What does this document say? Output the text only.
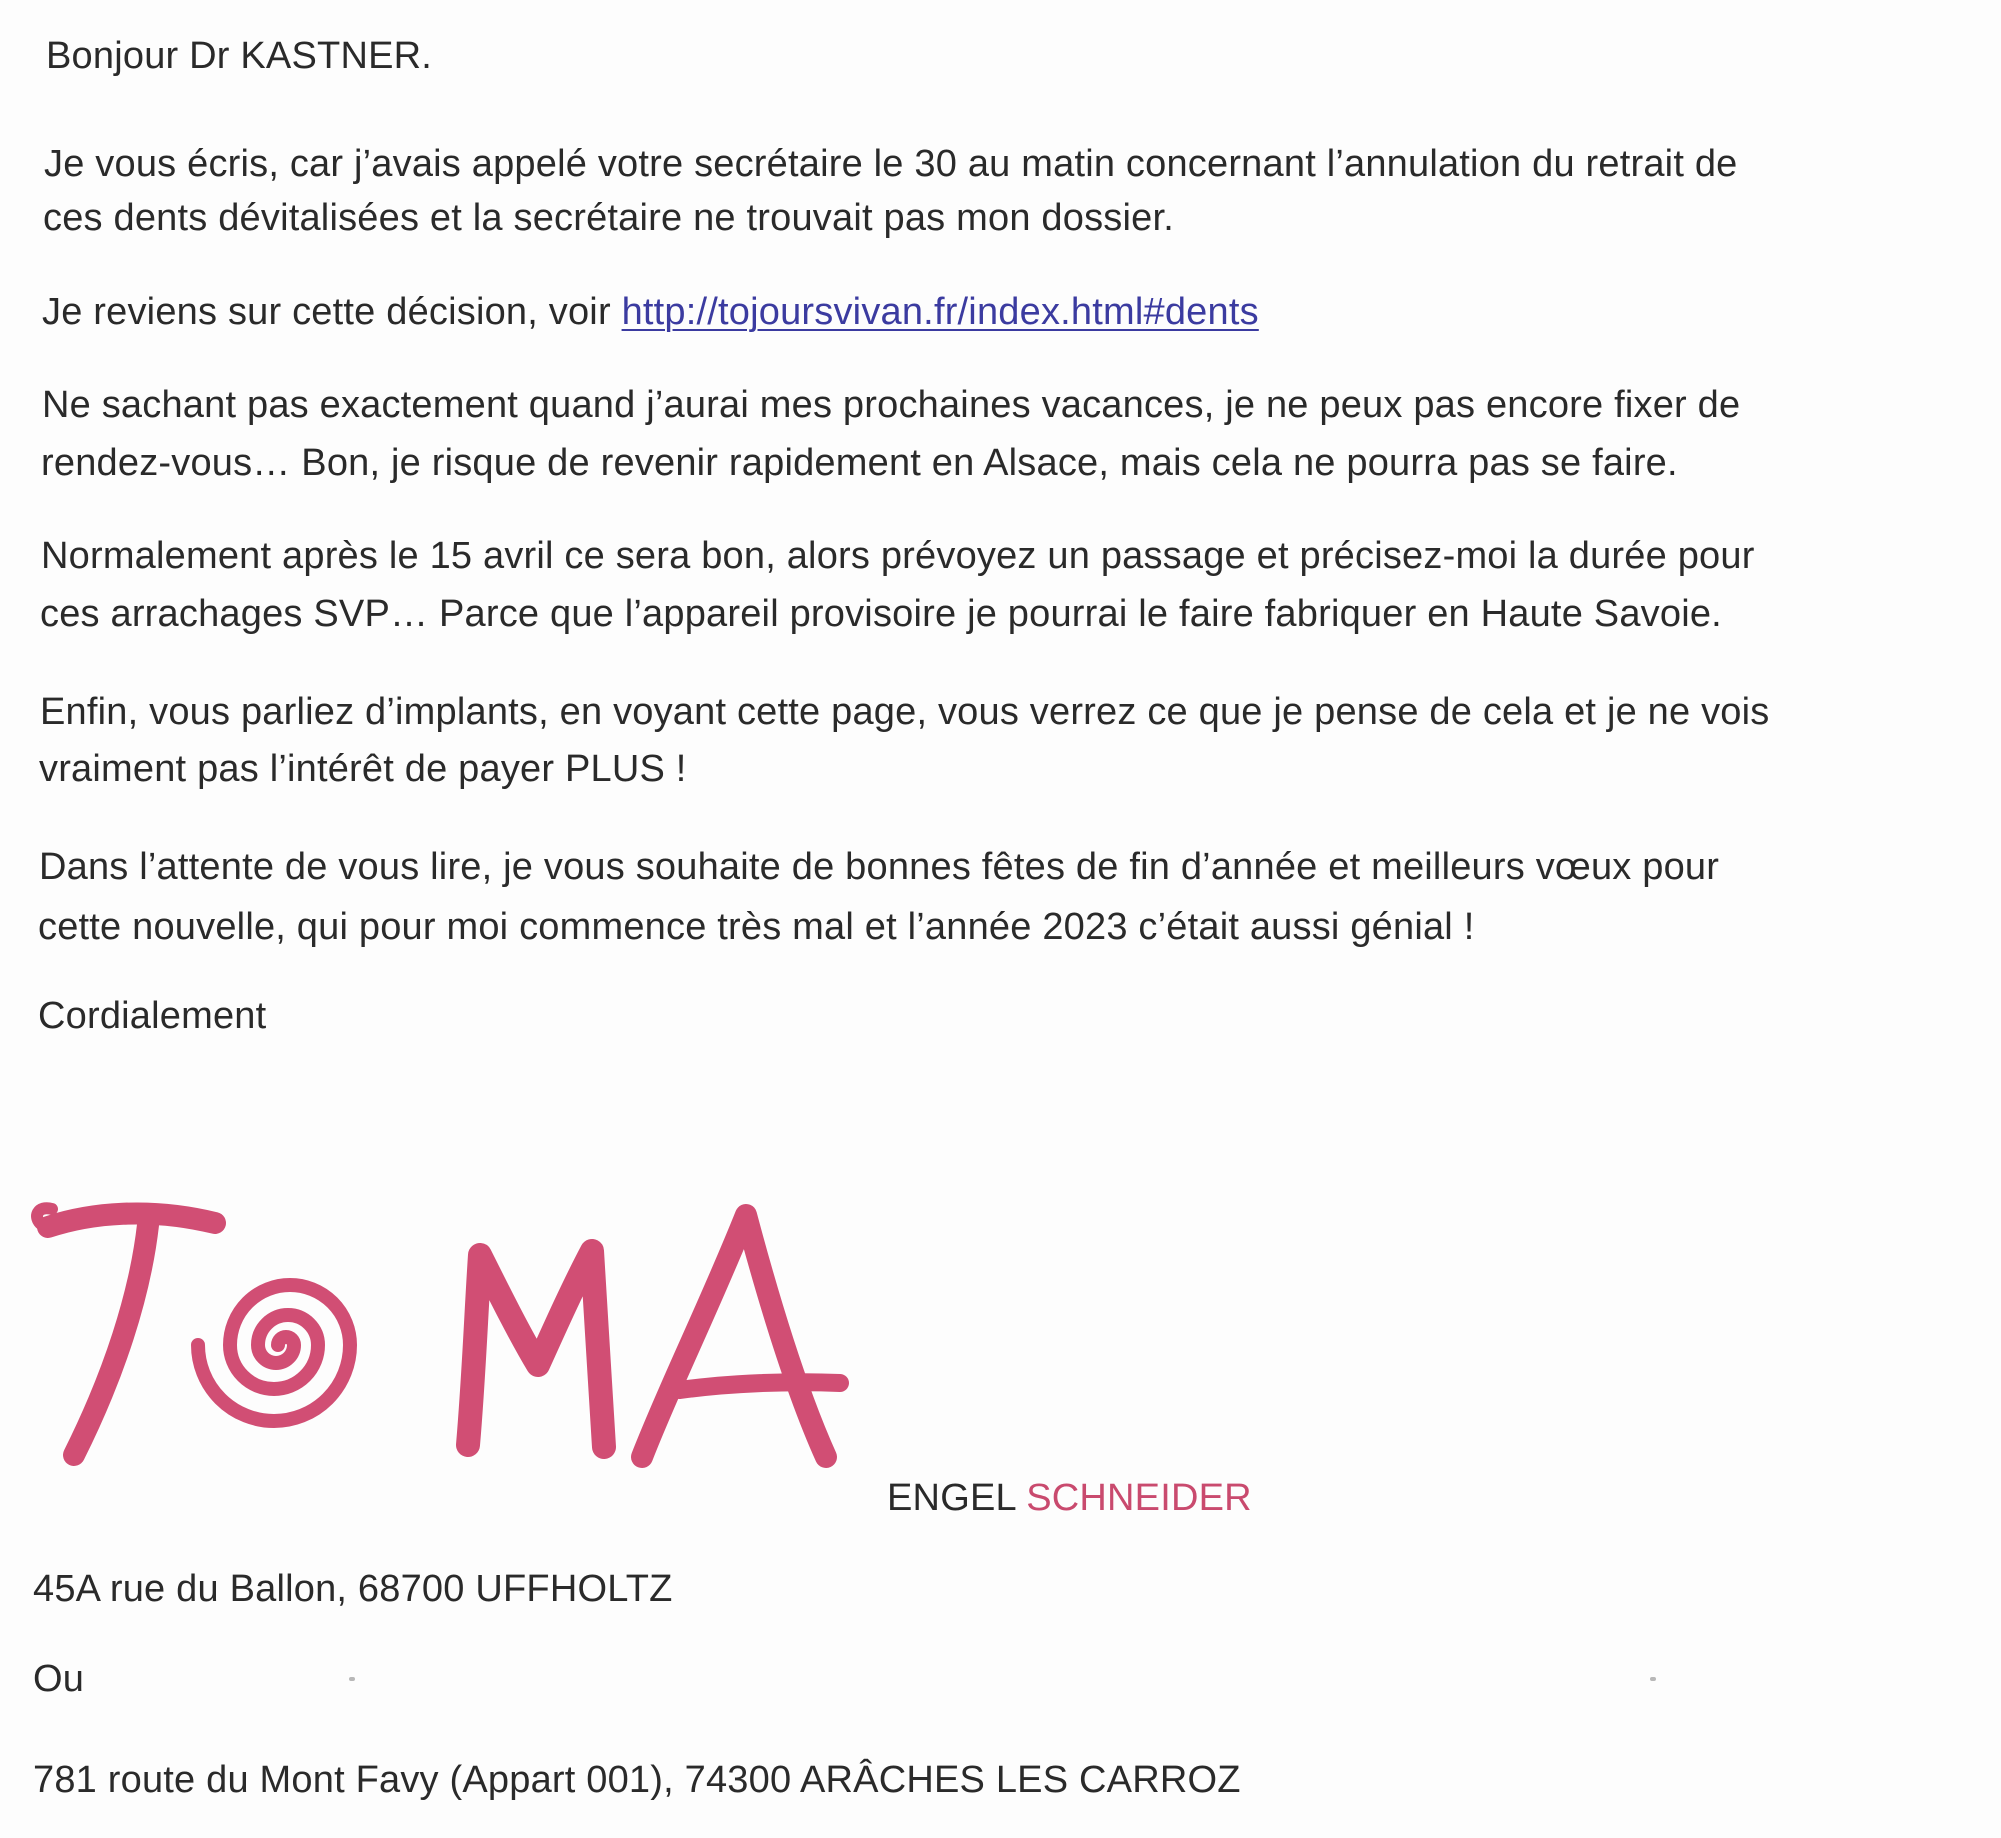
Bonjour Dr KASTNER.
Je vous écris, car j’avais appelé votre secrétaire le 30 au matin concernant l’annulation du retrait de
ces dents dévitalisées et la secrétaire ne trouvait pas mon dossier.
Je reviens sur cette décision, voir http://tojoursvivan.fr/index.html#dents
Ne sachant pas exactement quand j’aurai mes prochaines vacances, je ne peux pas encore fixer de
rendez-vous… Bon, je risque de revenir rapidement en Alsace, mais cela ne pourra pas se faire.
Normalement après le 15 avril ce sera bon, alors prévoyez un passage et précisez-moi la durée pour
ces arrachages SVP… Parce que l’appareil provisoire je pourrai le faire fabriquer en Haute Savoie.
Enfin, vous parliez d’implants, en voyant cette page, vous verrez ce que je pense de cela et je ne vois
vraiment pas l’intérêt de payer PLUS !
Dans l’attente de vous lire, je vous souhaite de bonnes fêtes de fin d’année et meilleurs vœux pour
cette nouvelle, qui pour moi commence très mal et l’année 2023 c’était aussi génial !
Cordialement
ENGEL SCHNEIDER
45A rue du Ballon, 68700 UFFHOLTZ
Ou
781 route du Mont Favy (Appart 001), 74300 ARÂCHES LES CARROZ
